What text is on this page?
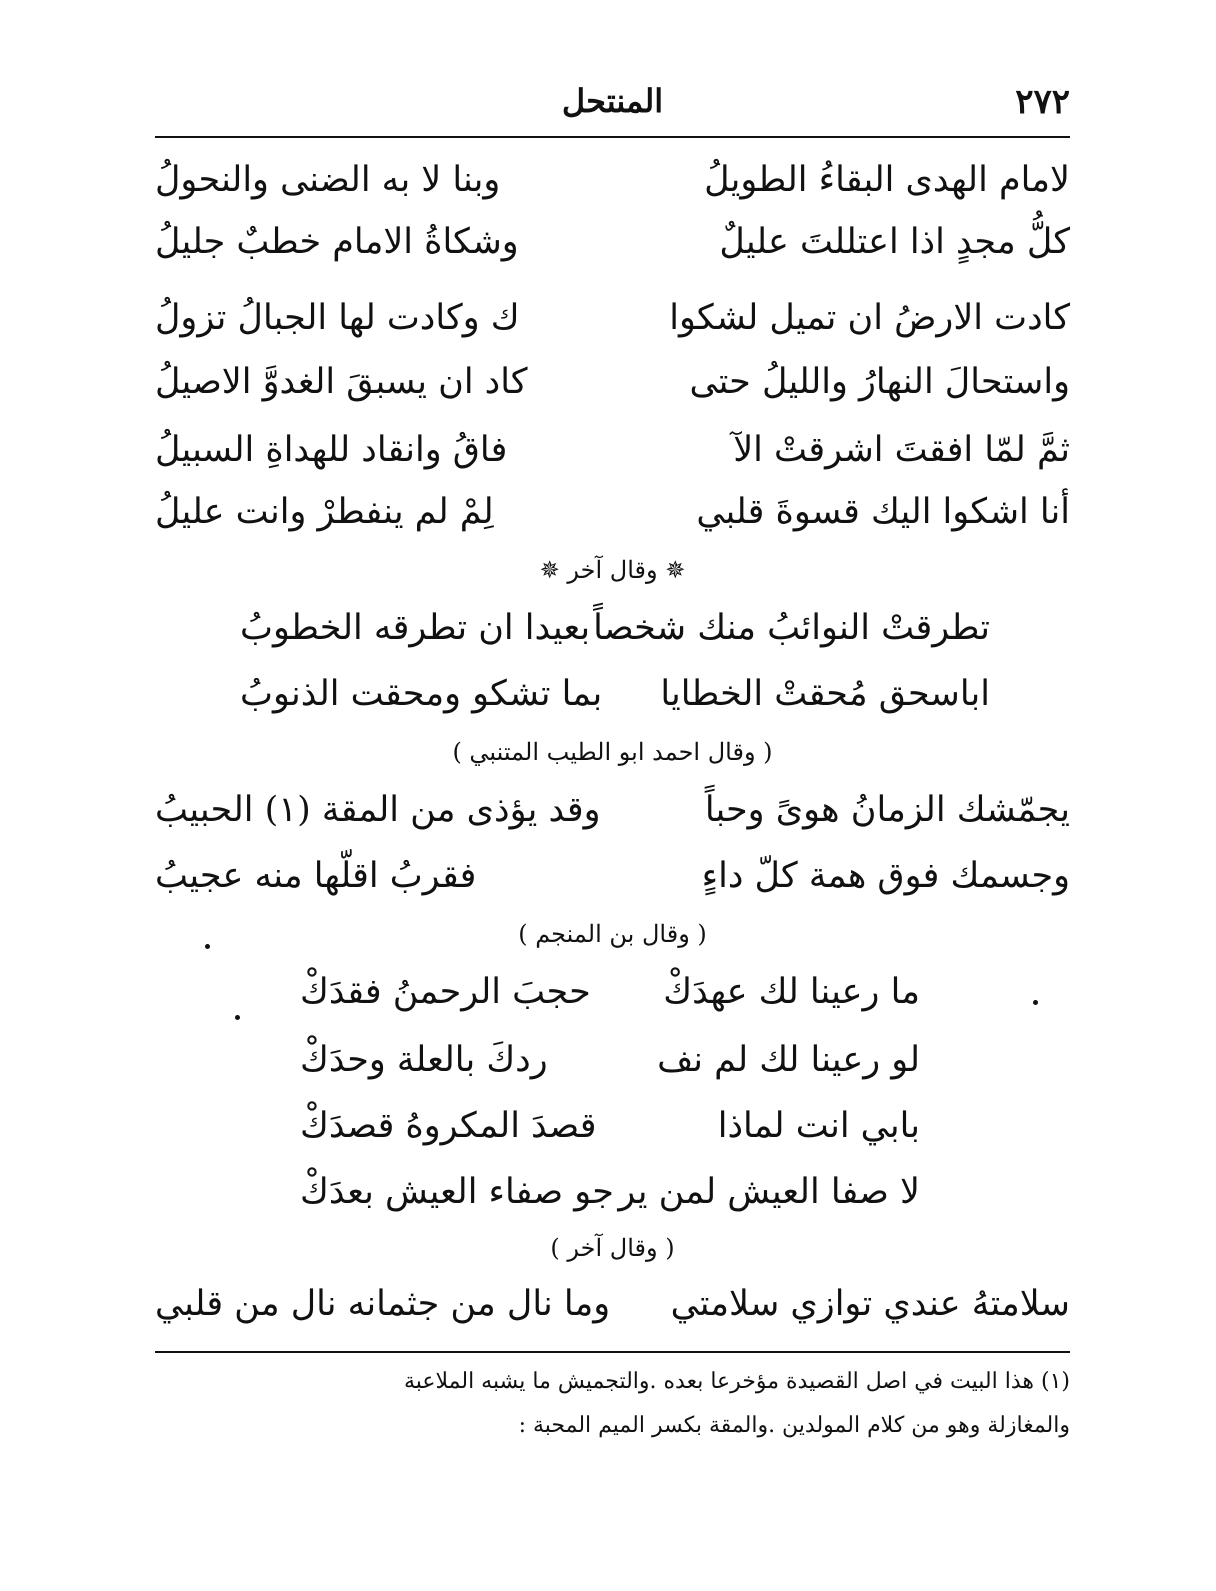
٢٧٢
المنتحل
لامام الهدى البقاءُ الطويلُ
وبنا لا به الضنى والنحولُ
كلُّ مجدٍ اذا اعتللتَ عليلٌ
وشكاةُ الامام خطبٌ جليلُ
كادت الارضُ ان تميل لشكوا
ك وكادت لها الجبالُ تزولُ
واستحالَ النهارُ والليلُ حتى
كاد ان يسبقَ الغدوَّ الاصيلُ
ثمَّ لمّا افقتَ اشرقتْ الآ
فاقُ وانقاد للهداةِ السبيلُ
أنا اشكوا اليك قسوةَ قلبي
لِمْ لم ينفطرْ وانت عليلُ
✵ وقال آخر ✵
تطرقتْ النوائبُ منك شخصاً
بعيدا ان تطرقه الخطوبُ
اباسحق مُحقتْ الخطايا
بما تشكو ومحقت الذنوبُ
( وقال احمد ابو الطيب المتنبي )
يجمّشك الزمانُ هوىً وحباً
وقد يؤذى من المقة (١) الحبيبُ
وجسمك فوق همة كلّ داءٍ
فقربُ اقلّها منه عجيبُ
( وقال بن المنجم )
ما رعينا لك عهدَكْ
حجبَ الرحمنُ فقدَكْ
لو رعينا لك لم نف
ردكَ بالعلة وحدَكْ
بابي انت لماذا
قصدَ المكروهُ قصدَكْ
لا صفا العيش لمن ير
جو صفاء العيش بعدَكْ
( وقال آخر )
سلامتهُ عندي توازي سلامتي
وما نال من جثمانه نال من قلبي
(١) هذا البيت في اصل القصيدة مؤخرعا بعده .والتجميش ما يشبه الملاعبة
والمغازلة وهو من كلام المولدين .والمقة بكسر الميم المحبة :
